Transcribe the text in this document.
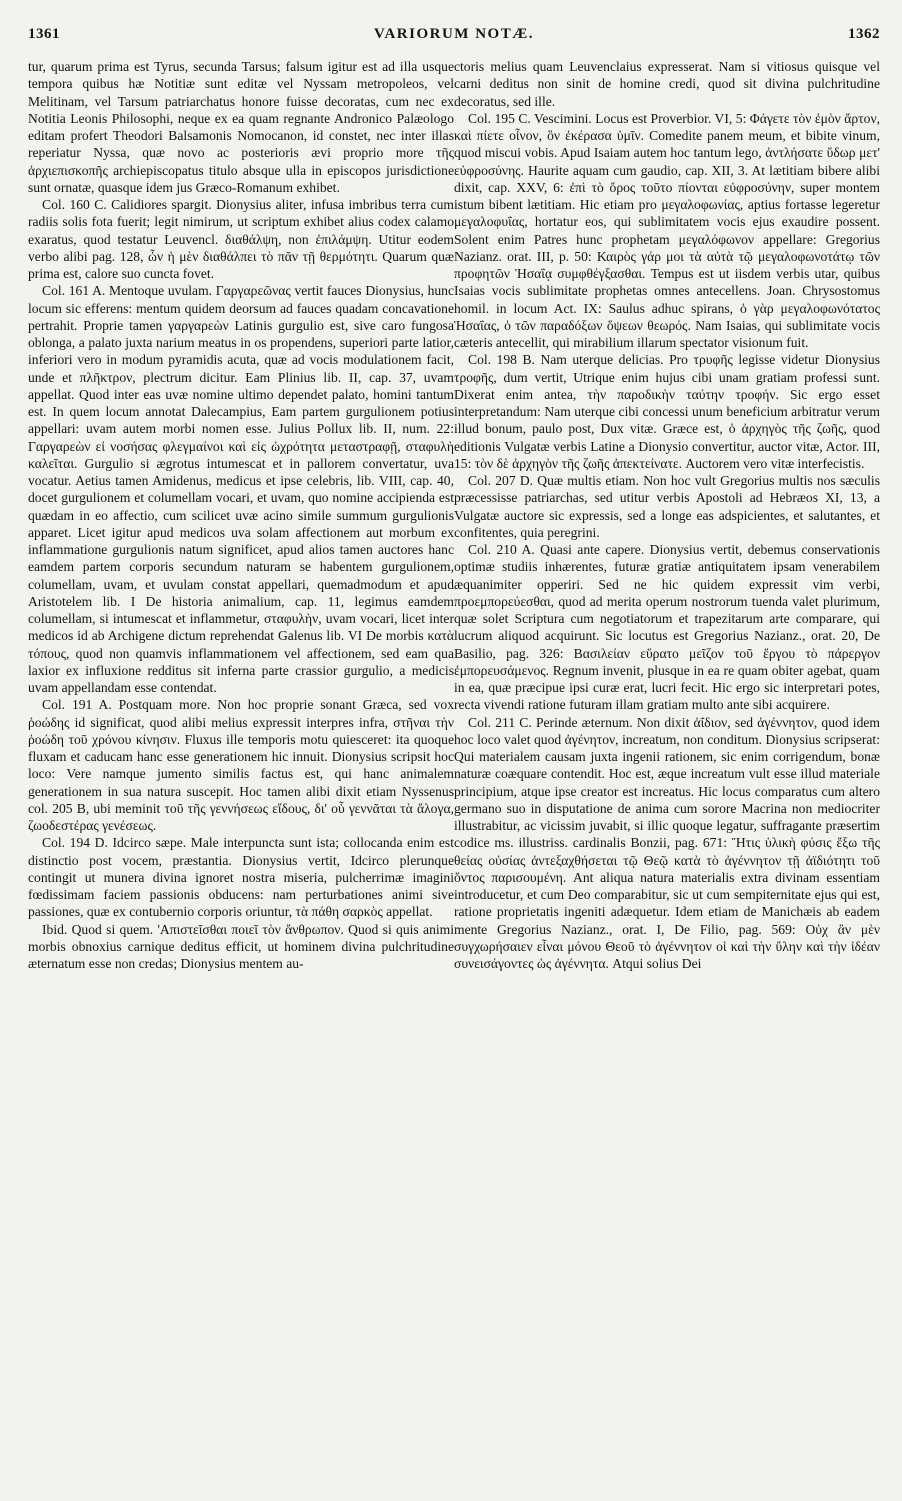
1361	VARIORUM NOTÆ.	1362

tur, quarum prima est Tyrus, secunda Tarsus; falsum igitur est ad illa usque tempora quibus hæ Notitiæ sunt editæ vel Nyssam metropoleos, vel Melitinam, vel Tarsum patriarchatus honore fuisse decoratas, cum nec ex Notitia Leonis Philosophi, neque ex ea quam regnante Andronico Palæologo editam profert Theodori Balsamonis Nomocanon, id constet, nec inter illas reperiatur Nyssa, quæ novo ac posterioris ævi proprio more τῆς ἀρχιεπισκοπῆς archiepiscopatus titulo absque ulla in episcopos jurisdictione sunt ornatæ, quasque idem jus Græco-Romanum exhibet.

Col. 160 C. Calidiores spargit. Dionysius aliter, infusa imbribus terra cum radiis solis fota fuerit; legit nimirum, ut scriptum exhibet alius codex calamo exaratus, quod testatur Leuvencl. διαθάλψη, non ἐπιλάμψη. Utitur eodem verbo alibi pag. 128, ὧν ἡ μὲν διαθάλπει τὸ πᾶν τῇ θερμότητι. Quarum quæ prima est, calore suo cuncta fovet.

Col. 161 A. Mentoque uvulam. Γαργαρεῶνας vertit fauces Dionysius, hunc locum sic efferens: mentum quidem deorsum ad fauces quadam concavatione pertrahit. Proprie tamen γαργαρεὼν Latinis gurgulio est, sive caro fungosa oblonga, a palato juxta narium meatus in os propendens, superiori parte latior, inferiori vero in modum pyramidis acuta, quæ ad vocis modulationem facit, unde et πλῆκτρον, plectrum dicitur. Eam Plinius lib. II, cap. 37, uvam appellat. Quod inter eas uvæ nomine ultimo dependet palato, homini tantum est. In quem locum annotat Dalecampius, Eam partem gurgulionem potius appellari: uvam autem morbi nomen esse. Julius Pollux lib. II, num. 22: Γαργαρεὼν εἰ νοσήσας φλεγμαίνοι καὶ εἰς ὠχρότητα μεταστραφῇ, σταφυλὴ καλεῖται. Gurgulio si ægrotus intumescat et in pallorem convertatur, uva vocatur. Aetius tamen Amidenus, medicus et ipse celebris, lib. VIII, cap. 40, docet gurgulionem et columellam vocari, et uvam, quo nomine accipienda est quædam in eo affectio, cum scilicet uvæ acino simile summum gurgulionis apparet. Licet igitur apud medicos uva solam affectionem aut morbum ex inflammatione gurgulionis natum significet, apud alios tamen auctores hanc eamdem partem corporis secundum naturam se habentem gurgulionem, columellam, uvam, et uvulam constat appellari, quemadmodum et apud Aristotelem lib. I De historia animalium, cap. 11, legimus eamdem columellam, si intumescat et inflammetur, σταφυλὴν, uvam vocari, licet inter medicos id ab Archigene dictum reprehendat Galenus lib. VI De morbis κατὰ τόπους, quod non quamvis inflammationem vel affectionem, sed eam qua laxior ex influxione redditus sit inferna parte crassior gurgulio, a medicis uvam appellandam esse contendat.

Col. 191 A. Postquam more. Non hoc proprie sonant Græca, sed vox ῥοώδης id significat, quod alibi melius expressit interpres infra, στῆναι τὴν ῥοώδη τοῦ χρόνου κίνησιν. Fluxus ille temporis motu quiesceret: ita quoque fluxam et caducam hanc esse generationem hic innuit. Dionysius scripsit hoc loco: Vere namque jumento similis factus est, qui hanc animalem generationem in sua natura suscepit. Hoc tamen alibi dixit etiam Nyssenus col. 205 B, ubi meminit τοῦ τῆς γεννήσεως εἴδους, δι' οὗ γεννᾶται τὰ ἄλογα, ζωοδεστέρας γενέσεως.

Col. 194 D. Idcirco sæpe. Male interpuncta sunt ista; collocanda enim est distinctio post vocem, præstantia. Dionysius vertit, Idcirco plerunque contingit ut munera divina ignoret nostra miseria, pulcherrimæ imagini fœdissimam faciem passionis obducens: nam perturbationes animi sive passiones, quæ ex contubernio corporis oriuntur, τὰ πάθη σαρκὸς appellat.

Ibid. Quod si quem. 'Απιστεῖσθαι ποιεῖ τὸν ἄνθρωπον. Quod si quis animi morbis obnoxius carnique deditus efficit, ut hominem divina pulchritudine æternatum esse non credas; Dionysius mentem au-

ctoris melius quam Leuvenclaius expresserat. Nam si vitiosus quisque vel carni deditus non sinit de homine credi, quod sit divina pulchritudine decoratus, sed ille.

Col. 195 C. Vescimini. Locus est Proverbior. VI, 5: Φάγετε τὸν ἐμὸν ἄρτον, καὶ πίετε οἶνον, ὃν ἐκέρασα ὑμῖν. Comedite panem meum, et bibite vinum, quod miscui vobis. Apud Isaiam autem hoc tantum lego, ἀντλήσατε ὕδωρ μετ' εὐφροσύνης. Haurite aquam cum gaudio, cap. XII, 3. At lætitiam bibere alibi dixit, cap. XXV, 6: ἐπὶ τὸ ὄρος τοῦτο πίονται εὐφροσύνην, super montem istum bibent lætitiam. Hic etiam pro μεγαλοφωνίας, aptius fortasse legeretur μεγαλοφυΐας, hortatur eos, qui sublimitatem vocis ejus exaudire possent. Solent enim Patres hunc prophetam μεγαλόφωνον appellare: Gregorius Nazianz. orat. III, p. 50: Καιρὸς γάρ μοι τὰ αὐτὰ τῷ μεγαλοφωνοτάτῳ τῶν προφητῶν Ἡσαΐᾳ συμφθέγξασθαι. Tempus est ut iisdem verbis utar, quibus Isaias vocis sublimitate prophetas omnes antecellens. Joan. Chrysostomus homil. in locum Act. IX: Saulus adhuc spirans, ὁ γὰρ μεγαλοφωνότατος Ἡσαΐας, ὁ τῶν παραδόξων ὄψεων θεωρός. Nam Isaias, qui sublimitate vocis cæteris antecellit, qui mirabilium illarum spectator visionum fuit.

Col. 198 B. Nam uterque delicias. Pro τρυφῆς legisse videtur Dionysius τροφῆς, dum vertit, Utrique enim hujus cibi unam gratiam professi sunt. Dixerat enim antea, τὴν παροδικὴν ταύτην τροφήν. Sic ergo esset interpretandum: Nam uterque cibi concessi unum beneficium arbitratur verum illud bonum, paulo post, Dux vitæ. Græce est, ὁ ἀρχηγὸς τῆς ζωῆς, quod editionis Vulgatæ verbis Latine a Dionysio convertitur, auctor vitæ, Actor. III, 15: τὸν δὲ ἀρχηγὸν τῆς ζωῆς ἀπεκτείνατε. Auctorem vero vitæ interfecistis.

Col. 207 D. Quæ multis etiam. Non hoc vult Gregorius multis nos sæculis præcessisse patriarchas, sed utitur verbis Apostoli ad Hebræos XI, 13, a Vulgatæ auctore sic expressis, sed a longe eas adspicientes, et salutantes, et confitentes, quia peregrini.

Col. 210 A. Quasi ante capere. Dionysius vertit, debemus conservationis optimæ studiis inhærentes, futuræ gratiæ antiquitatem ipsam venerabilem æquanimiter opperiri. Sed ne hic quidem expressit vim verbi, προεμπορεύεσθαι, quod ad merita operum nostrorum tuenda valet plurimum, quæ solet Scriptura cum negotiatorum et trapezitarum arte comparare, qui lucrum aliquod acquirunt. Sic locutus est Gregorius Nazianz., orat. 20, De Basilio, pag. 326: Βασιλείαν εὕρατο μεῖζον τοῦ ἔργου τὸ πάρεργον ἐμπορευσάμενος. Regnum invenit, plusque in ea re quam obiter agebat, quam in ea, quæ præcipue ipsi curæ erat, lucri fecit. Hic ergo sic interpretari potes, recta vivendi ratione futuram illam gratiam multo ante sibi acquirere.

Col. 211 C. Perinde æternum. Non dixit ἀΐδιον, sed ἀγέννητον, quod idem hoc loco valet quod ἀγένητον, increatum, non conditum. Dionysius scripserat: Qui materialem causam juxta ingenii rationem, sic enim corrigendum, bonæ naturæ coæquare contendit. Hoc est, æque increatum vult esse illud materiale principium, atque ipse creator est increatus. Hic locus comparatus cum altero germano suo in disputatione de anima cum sorore Macrina non mediocriter illustrabitur, ac vicissim juvabit, si illic quoque legatur, suffragante præsertim codice ms. illustriss. cardinalis Bonzii, pag. 671: Ἥτις ὑλικὴ φύσις ἔξω τῆς θείας οὐσίας ἀντεξαχθήσεται τῷ Θεῷ κατὰ τὸ ἀγέννητον τῇ ἀϊδιότητι τοῦ ὄντος παρισουμένη. Ant aliqua natura materialis extra divinam essentiam introducetur, et cum Deo comparabitur, sic ut cum sempiternitate ejus qui est, ratione proprietatis ingeniti adæquetur. Idem etiam de Manichæis ab eadem mente Gregorius Nazianz., orat. I, De Filio, pag. 569: Οὐχ ἂν μὲν συγχωρήσαιεν εἶναι μόνου Θεοῦ τὸ ἀγέννητον οἱ καὶ τὴν ὕλην καὶ τὴν ἰδέαν συνεισάγοντες ὡς ἀγέννητα. Atqui solius Dei
